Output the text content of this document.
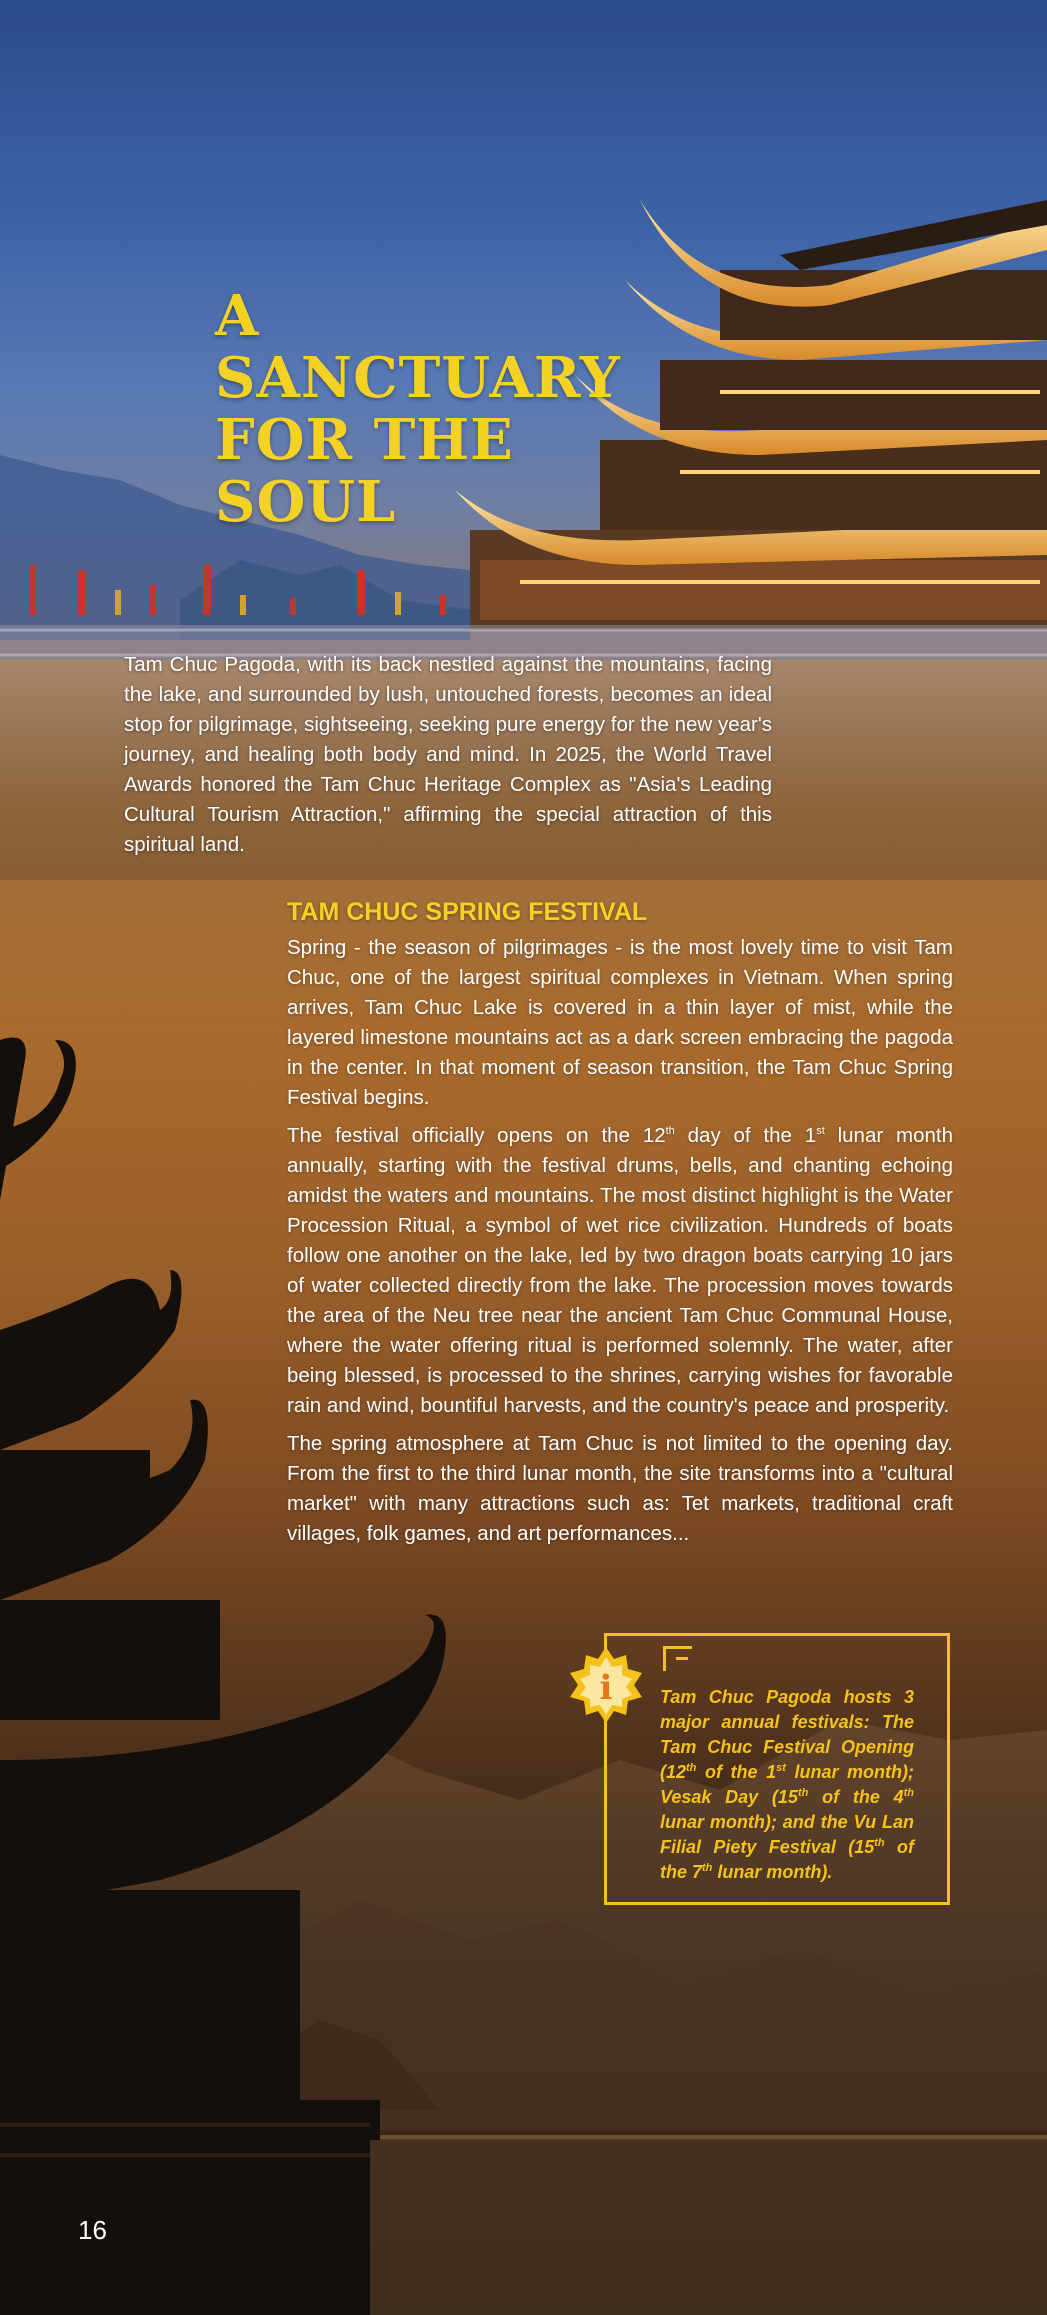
A
SANCTUARY
FOR THE
SOUL

Tam Chuc Pagoda, with its back nestled against the mountains, facing the lake, and surrounded by lush, untouched forests, becomes an ideal stop for pilgrimage, sightseeing, seeking pure energy for the new year's journey, and healing both body and mind. In 2025, the World Travel Awards honored the Tam Chuc Heritage Complex as "Asia's Leading Cultural Tourism Attraction," affirming the special attraction of this spiritual land.

TAM CHUC SPRING FESTIVAL

Spring - the season of pilgrimages - is the most lovely time to visit Tam Chuc, one of the largest spiritual complexes in Vietnam. When spring arrives, Tam Chuc Lake is covered in a thin layer of mist, while the layered limestone mountains act as a dark screen embracing the pagoda in the center. In that moment of season transition, the Tam Chuc Spring Festival begins.

The festival officially opens on the 12th day of the 1st lunar month annually, starting with the festival drums, bells, and chanting echoing amidst the waters and mountains. The most distinct highlight is the Water Procession Ritual, a symbol of wet rice civilization. Hundreds of boats follow one another on the lake, led by two dragon boats carrying 10 jars of water collected directly from the lake. The procession moves towards the area of the Neu tree near the ancient Tam Chuc Communal House, where the water offering ritual is performed solemnly. The water, after being blessed, is processed to the shrines, carrying wishes for favorable rain and wind, bountiful harvests, and the country's peace and prosperity.

The spring atmosphere at Tam Chuc is not limited to the opening day. From the first to the third lunar month, the site transforms into a "cultural market" with many attractions such as: Tet markets, traditional craft villages, folk games, and art performances...

i	Tam Chuc Pagoda hosts 3 major annual festivals: The Tam Chuc Festival Opening (12th of the 1st lunar month); Vesak Day (15th of the 4th lunar month); and the Vu Lan Filial Piety Festival (15th of the 7th lunar month).

16
